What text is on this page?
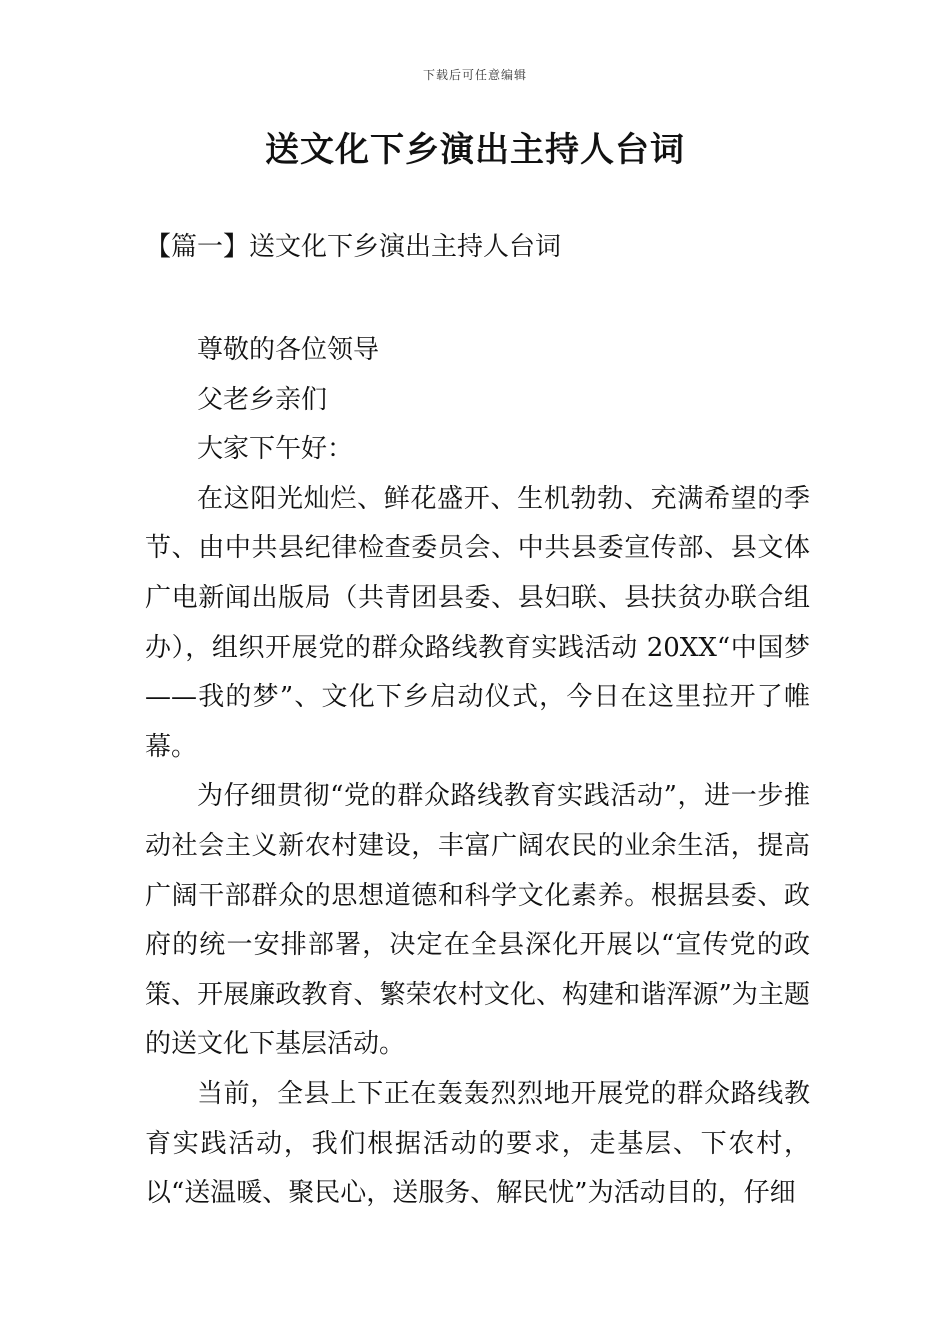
下载后可任意编辑
送文化下乡演出主持人台词
【篇一】送文化下乡演出主持人台词

尊敬的各位领导

父老乡亲们

大家下午好：

在这阳光灿烂、鲜花盛开、生机勃勃、充满希望的季节、由中共县纪律检查委员会、中共县委宣传部、县文体广电新闻出版局（共青团县委、县妇联、县扶贫办联合组办），组织开展党的群众路线教育实践活动 20XX“中国梦——我的梦”、文化下乡启动仪式，今日在这里拉开了帷幕。

为仔细贯彻“党的群众路线教育实践活动”，进一步推动社会主义新农村建设，丰富广阔农民的业余生活，提高广阔干部群众的思想道德和科学文化素养。根据县委、政府的统一安排部署，决定在全县深化开展以“宣传党的政策、开展廉政教育、繁荣农村文化、构建和谐浑源”为主题的送文化下基层活动。

当前，全县上下正在轰轰烈烈地开展党的群众路线教育实践活动，我们根据活动的要求，走基层、下农村，以“送温暖、聚民心，送服务、解民忧”为活动目的，仔细
